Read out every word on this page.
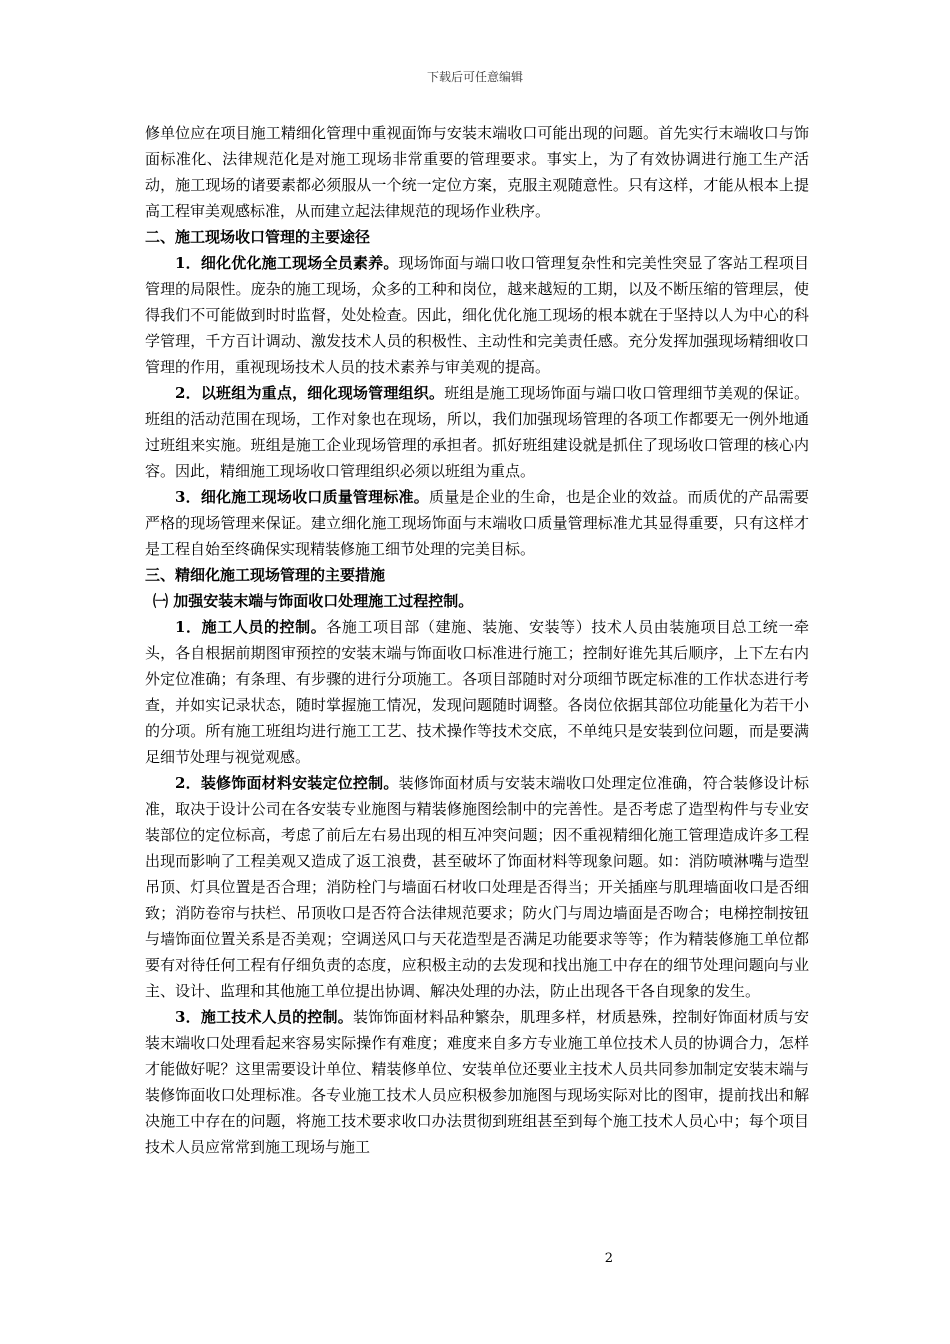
下载后可任意编辑

修单位应在项目施工精细化管理中重视面饰与安装末端收口可能出现的问题。首先实行末端收口与饰面标准化、法律规范化是对施工现场非常重要的管理要求。事实上，为了有效协调进行施工生产活动，施工现场的诸要素都必须服从一个统一定位方案，克服主观随意性。只有这样，才能从根本上提高工程审美观感标准，从而建立起法律规范的现场作业秩序。

二、施工现场收口管理的主要途径

1．细化优化施工现场全员素养。现场饰面与端口收口管理复杂性和完美性突显了客站工程项目管理的局限性。庞杂的施工现场，众多的工种和岗位，越来越短的工期，以及不断压缩的管理层，使得我们不可能做到时时监督，处处检查。因此，细化优化施工现场的根本就在于坚持以人为中心的科学管理，千方百计调动、激发技术人员的积极性、主动性和完美责任感。充分发挥加强现场精细收口管理的作用，重视现场技术人员的技术素养与审美观的提高。

2．以班组为重点，细化现场管理组织。班组是施工现场饰面与端口收口管理细节美观的保证。班组的活动范围在现场，工作对象也在现场，所以，我们加强现场管理的各项工作都要无一例外地通过班组来实施。班组是施工企业现场管理的承担者。抓好班组建设就是抓住了现场收口管理的核心内容。因此，精细施工现场收口管理组织必须以班组为重点。

3．细化施工现场收口质量管理标准。质量是企业的生命，也是企业的效益。而质优的产品需要严格的现场管理来保证。建立细化施工现场饰面与末端收口质量管理标准尤其显得重要，只有这样才是工程自始至终确保实现精装修施工细节处理的完美目标。

三、精细化施工现场管理的主要措施

㈠ 加强安装末端与饰面收口处理施工过程控制。

1．施工人员的控制。各施工项目部（建施、装施、安装等）技术人员由装施项目总工统一牵头，各自根据前期图审预控的安装末端与饰面收口标准进行施工；控制好谁先其后顺序，上下左右内外定位准确；有条理、有步骤的进行分项施工。各项目部随时对分项细节既定标准的工作状态进行考查，并如实记录状态，随时掌握施工情况，发现问题随时调整。各岗位依据其部位功能量化为若干小的分项。所有施工班组均进行施工工艺、技术操作等技术交底，不单纯只是安装到位问题，而是要满足细节处理与视觉观感。

2．装修饰面材料安装定位控制。装修饰面材质与安装末端收口处理定位准确，符合装修设计标准，取决于设计公司在各安装专业施图与精装修施图绘制中的完善性。是否考虑了造型构件与专业安装部位的定位标高，考虑了前后左右易出现的相互冲突问题；因不重视精细化施工管理造成许多工程出现而影响了工程美观又造成了返工浪费，甚至破坏了饰面材料等现象问题。如：消防喷淋嘴与造型吊顶、灯具位置是否合理；消防栓门与墙面石材收口处理是否得当；开关插座与肌理墙面收口是否细致；消防卷帘与扶栏、吊顶收口是否符合法律规范要求；防火门与周边墙面是否吻合；电梯控制按钮与墙饰面位置关系是否美观；空调送风口与天花造型是否满足功能要求等等；作为精装修施工单位都要有对待任何工程有仔细负责的态度，应积极主动的去发现和找出施工中存在的细节处理问题向与业主、设计、监理和其他施工单位提出协调、解决处理的办法，防止出现各干各自现象的发生。

3．施工技术人员的控制。装饰饰面材料品种繁杂，肌理多样，材质悬殊，控制好饰面材质与安装末端收口处理看起来容易实际操作有难度；难度来自多方专业施工单位技术人员的协调合力，怎样才能做好呢？这里需要设计单位、精装修单位、安装单位还要业主技术人员共同参加制定安装末端与装修饰面收口处理标准。各专业施工技术人员应积极参加施图与现场实际对比的图审，提前找出和解决施工中存在的问题，将施工技术要求收口办法贯彻到班组甚至到每个施工技术人员心中；每个项目技术人员应常常到施工现场与施工

2
